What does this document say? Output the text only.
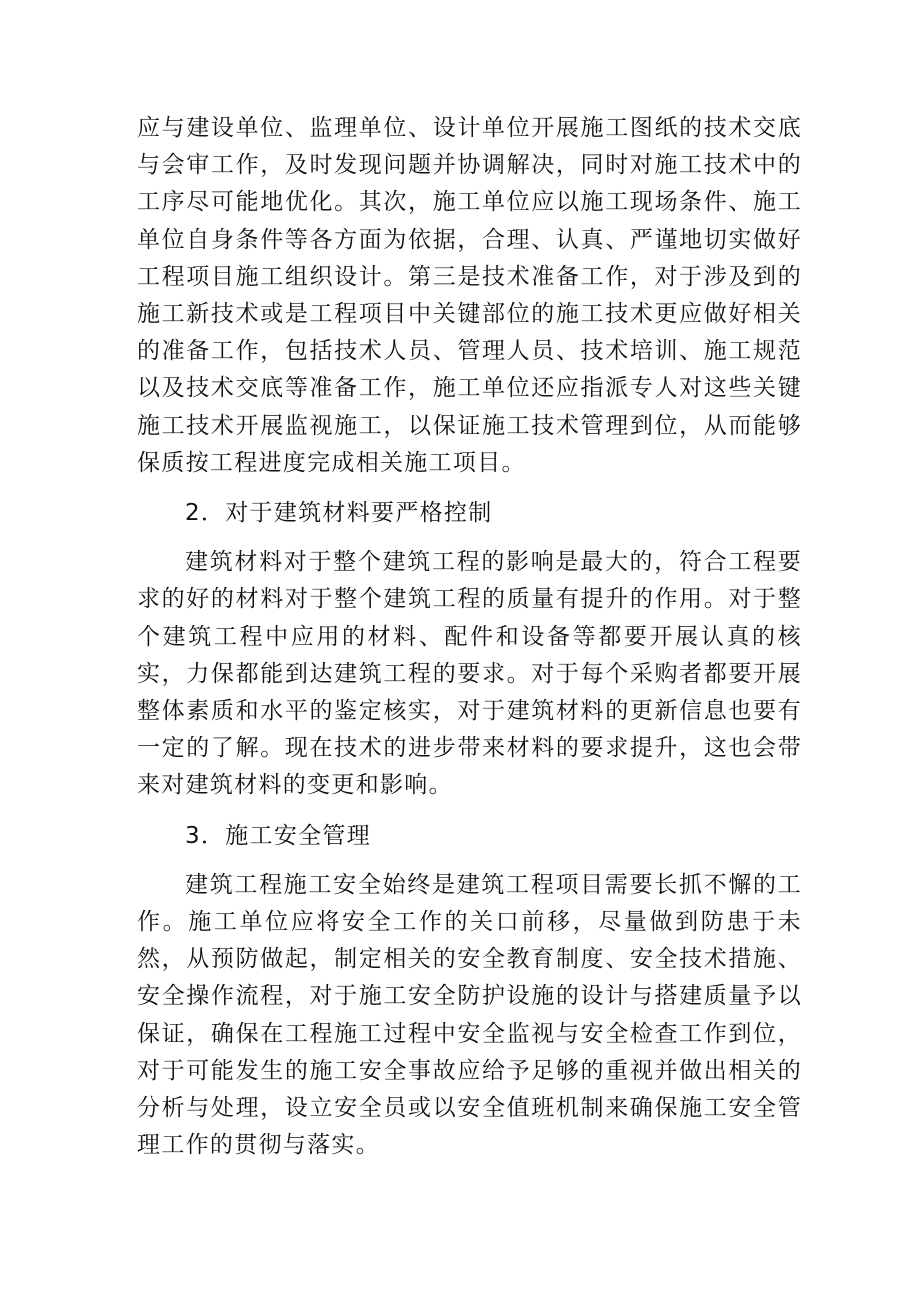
应与建设单位、监理单位、设计单位开展施工图纸的技术交底与会审工作，及时发现问题并协调解决，同时对施工技术中的工序尽可能地优化。其次，施工单位应以施工现场条件、施工单位自身条件等各方面为依据，合理、认真、严谨地切实做好工程项目施工组织设计。第三是技术准备工作，对于涉及到的施工新技术或是工程项目中关键部位的施工技术更应做好相关的准备工作，包括技术人员、管理人员、技术培训、施工规范以及技术交底等准备工作，施工单位还应指派专人对这些关键施工技术开展监视施工，以保证施工技术管理到位，从而能够保质按工程进度完成相关施工项目。

2．对于建筑材料要严格控制

建筑材料对于整个建筑工程的影响是最大的，符合工程要求的好的材料对于整个建筑工程的质量有提升的作用。对于整个建筑工程中应用的材料、配件和设备等都要开展认真的核实，力保都能到达建筑工程的要求。对于每个采购者都要开展整体素质和水平的鉴定核实，对于建筑材料的更新信息也要有一定的了解。现在技术的进步带来材料的要求提升，这也会带来对建筑材料的变更和影响。

3．施工安全管理

建筑工程施工安全始终是建筑工程项目需要长抓不懈的工作。施工单位应将安全工作的关口前移，尽量做到防患于未然，从预防做起，制定相关的安全教育制度、安全技术措施、安全操作流程，对于施工安全防护设施的设计与搭建质量予以保证，确保在工程施工过程中安全监视与安全检查工作到位，对于可能发生的施工安全事故应给予足够的重视并做出相关的分析与处理，设立安全员或以安全值班机制来确保施工安全管理工作的贯彻与落实。
